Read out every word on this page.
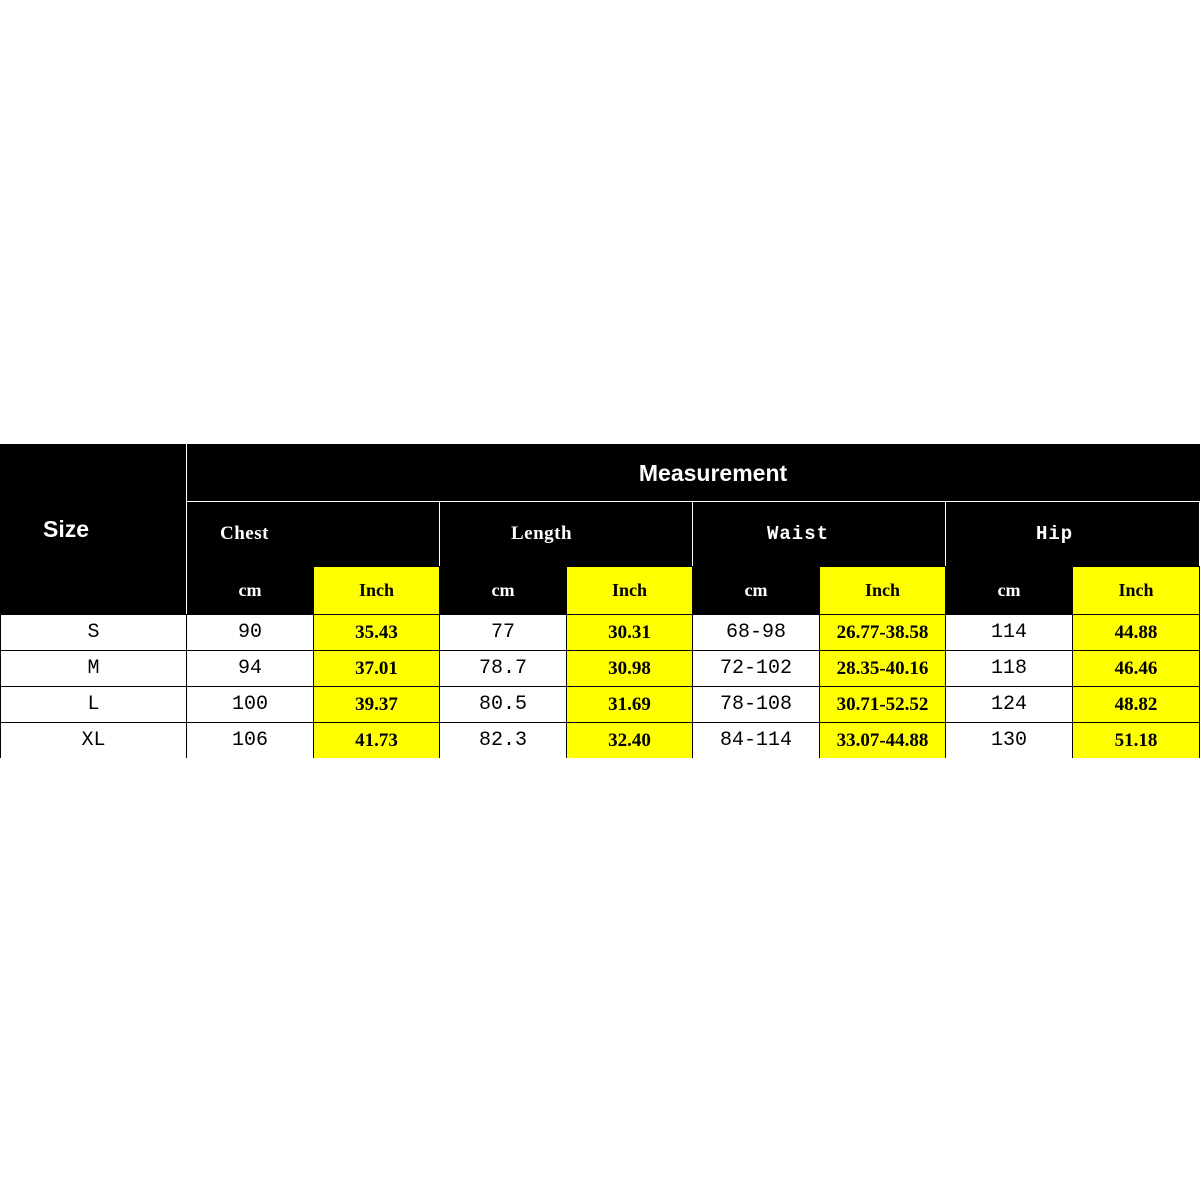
Size	Measurement							
	Chest		Length		Waist		Hip	
	cm	Inch	cm	Inch	cm	Inch	cm	Inch
S	90	35.43	77	30.31	68-98	26.77-38.58	114	44.88
M	94	37.01	78.7	30.98	72-102	28.35-40.16	118	46.46
L	100	39.37	80.5	31.69	78-108	30.71-52.52	124	48.82
XL	106	41.73	82.3	32.40	84-114	33.07-44.88	130	51.18
